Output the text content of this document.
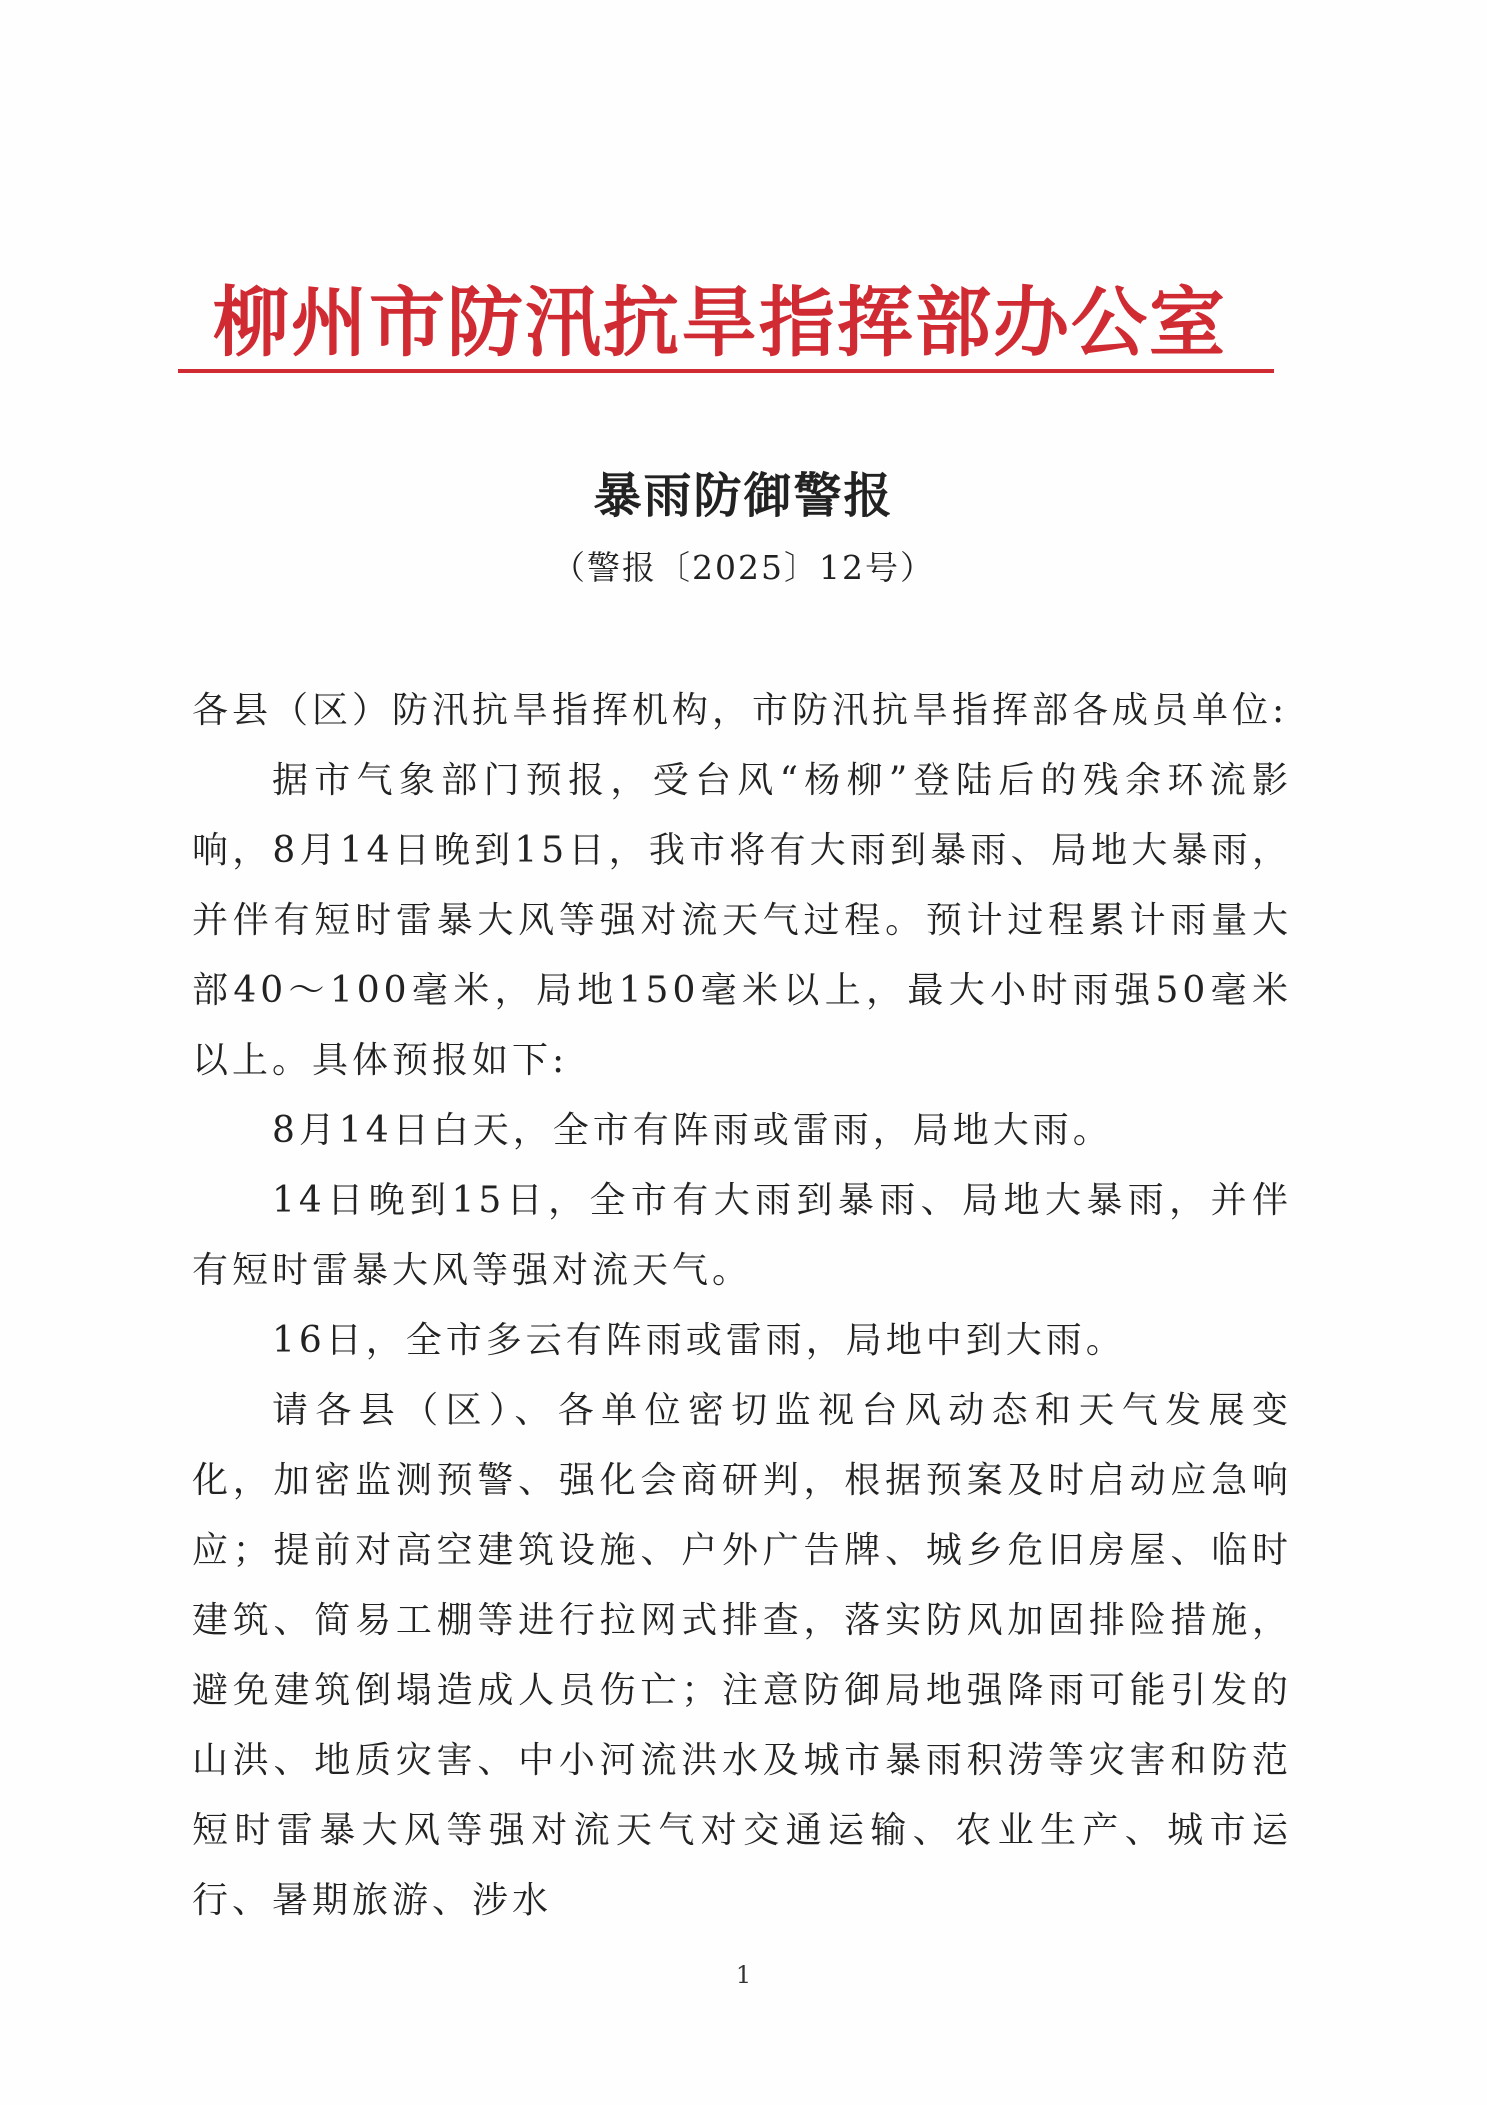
柳州市防汛抗旱指挥部办公室
暴雨防御警报
（警报〔2025〕12号）

各县（区）防汛抗旱指挥机构，市防汛抗旱指挥部各成员单位:

据市气象部门预报，受台风“杨柳”登陆后的残余环流影响，8月14日晚到15日，我市将有大雨到暴雨、局地大暴雨，并伴有短时雷暴大风等强对流天气过程。预计过程累计雨量大部40～100毫米，局地150毫米以上，最大小时雨强50毫米以上。具体预报如下:

8月14日白天，全市有阵雨或雷雨，局地大雨。

14日晚到15日，全市有大雨到暴雨、局地大暴雨，并伴有短时雷暴大风等强对流天气。

16日，全市多云有阵雨或雷雨，局地中到大雨。

请各县（区）、各单位密切监视台风动态和天气发展变化，加密监测预警、强化会商研判，根据预案及时启动应急响应；提前对高空建筑设施、户外广告牌、城乡危旧房屋、临时建筑、简易工棚等进行拉网式排查，落实防风加固排险措施，避免建筑倒塌造成人员伤亡；注意防御局地强降雨可能引发的山洪、地质灾害、中小河流洪水及城市暴雨积涝等灾害和防范短时雷暴大风等强对流天气对交通运输、农业生产、城市运行、暑期旅游、涉水

1
